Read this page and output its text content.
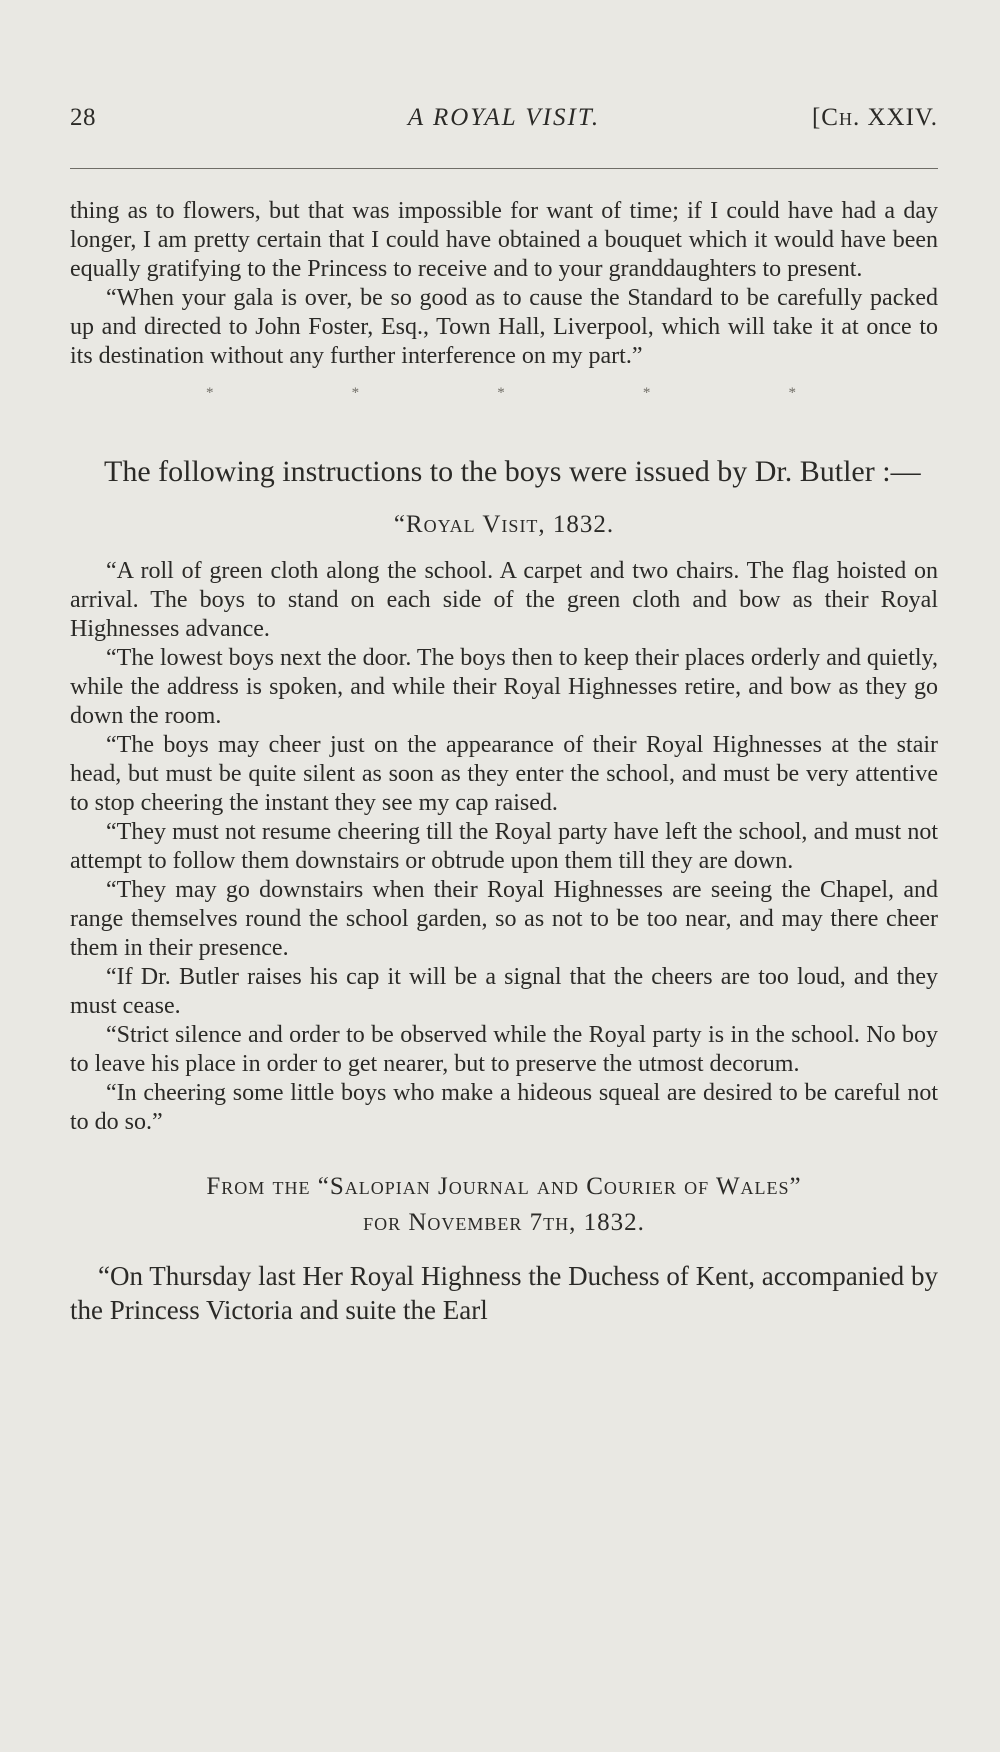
28	A ROYAL VISIT.	[Ch. XXIV.

thing as to flowers, but that was impossible for want of time; if I could have had a day longer, I am pretty certain that I could have obtained a bouquet which it would have been equally gratifying to the Princess to receive and to your granddaughters to present.

“When your gala is over, be so good as to cause the Standard to be carefully packed up and directed to John Foster, Esq., Town Hall, Liverpool, which will take it at once to its destination without any further interference on my part.”

*	*	*	*	*

The following instructions to the boys were issued by Dr. Butler :—

“Royal Visit, 1832.

“A roll of green cloth along the school. A carpet and two chairs. The flag hoisted on arrival. The boys to stand on each side of the green cloth and bow as their Royal Highnesses advance.

“The lowest boys next the door. The boys then to keep their places orderly and quietly, while the address is spoken, and while their Royal Highnesses retire, and bow as they go down the room.

“The boys may cheer just on the appearance of their Royal Highnesses at the stair head, but must be quite silent as soon as they enter the school, and must be very attentive to stop cheering the instant they see my cap raised.

“They must not resume cheering till the Royal party have left the school, and must not attempt to follow them downstairs or obtrude upon them till they are down.

“They may go downstairs when their Royal Highnesses are seeing the Chapel, and range themselves round the school garden, so as not to be too near, and may there cheer them in their presence.

“If Dr. Butler raises his cap it will be a signal that the cheers are too loud, and they must cease.

“Strict silence and order to be observed while the Royal party is in the school. No boy to leave his place in order to get nearer, but to preserve the utmost decorum.

“In cheering some little boys who make a hideous squeal are desired to be careful not to do so.”

From the “Salopian Journal and Courier of Wales”

for November 7th, 1832.

“On Thursday last Her Royal Highness the Duchess of Kent, accompanied by the Princess Victoria and suite the Earl
